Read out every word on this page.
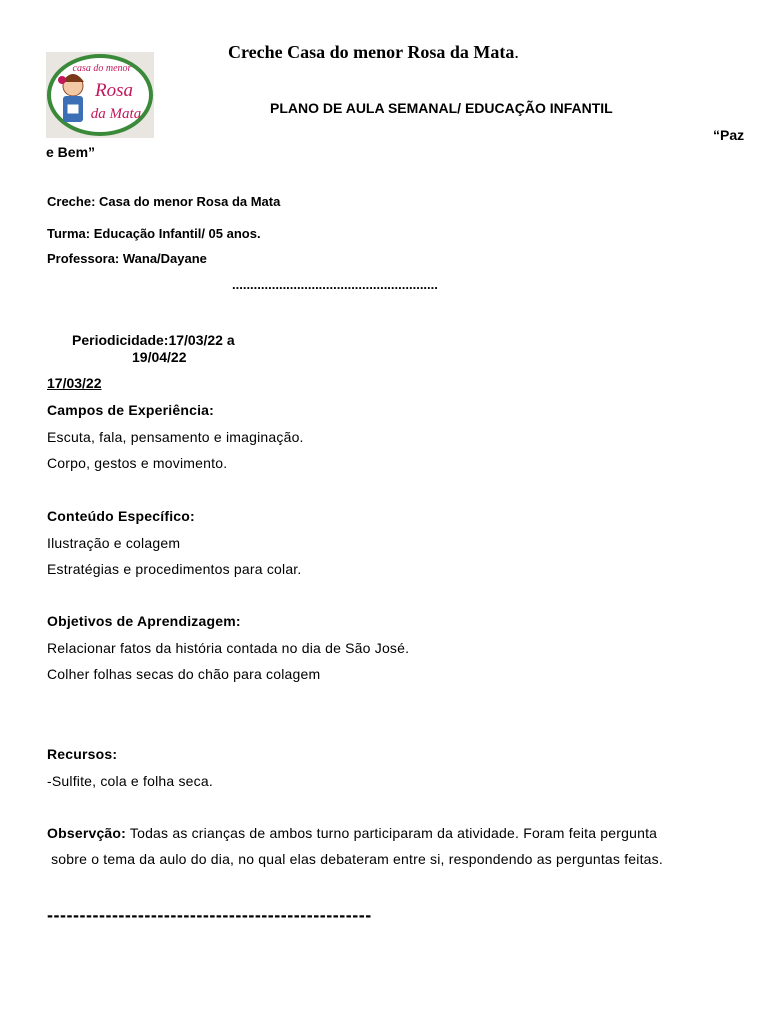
Creche Casa do menor Rosa da Mata.
casa do menor
Rosa
da Mata	PLANO DE AULA SEMANAL/ EDUCAÇÃO INFANTIL
“Paz
e Bem”
Creche: Casa do menor Rosa da Mata
Turma: Educação Infantil/ 05 anos.
Professora: Wana/Dayane
.........................................................
Periodicidade:17/03/22 a
19/04/22
17/03/22
Campos de Experiência:
Escuta, fala, pensamento e imaginação.
Corpo, gestos e movimento.
Conteúdo Específico:
Ilustração e colagem
Estratégias e procedimentos para colar.
Objetivos de Aprendizagem:
Relacionar fatos da história contada no dia de São José.
Colher folhas secas do chão para colagem
Recursos:
-Sulfite, cola e folha seca.
Observção: Todas as crianças de ambos turno participaram da atividade. Foram feita pergunta
sobre o tema da aulo do dia, no qual elas debateram entre si, respondendo as perguntas feitas.
--------------------------------------------------
